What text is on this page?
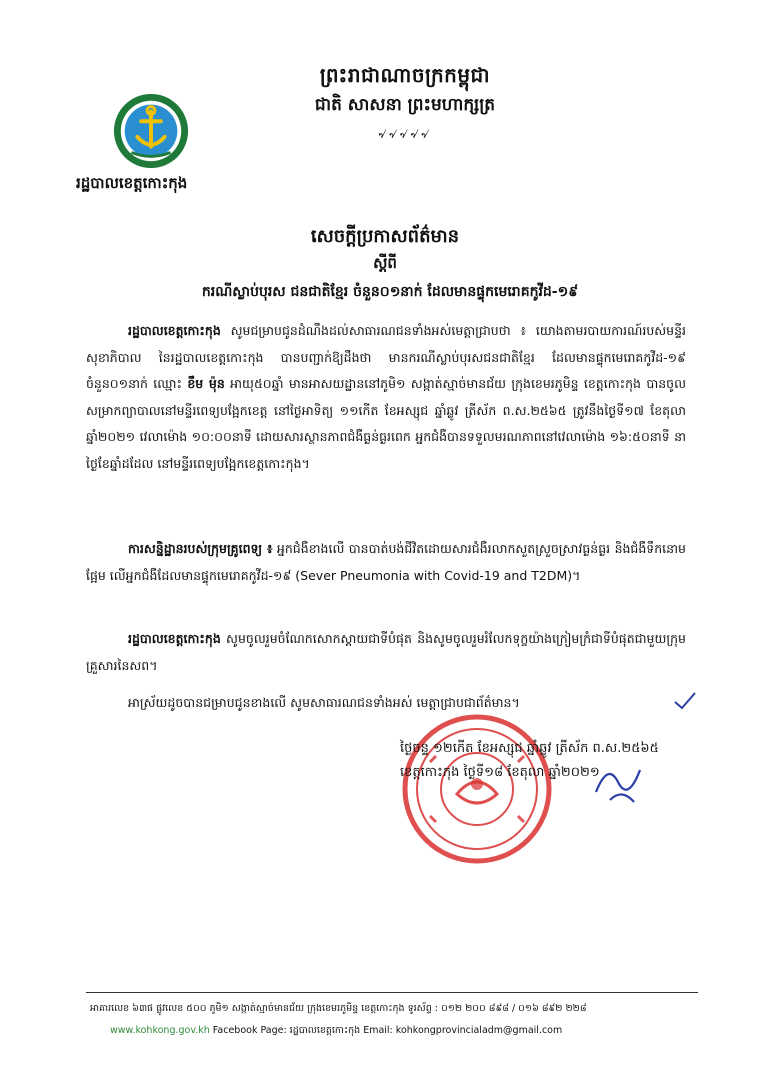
រដ្ឋបាលខេត្តកោះកុង
ព្រះរាជាណាចក្រកម្ពុជា
ជាតិ សាសនា ព្រះមហាក្សត្រ
৵৵৵৵৵
សេចក្តីប្រកាសព័ត៌មាន
ស្តីពី
ករណីស្លាប់បុរស ជនជាតិខ្មែរ ចំនួន០១នាក់ ដែលមានផ្ទុកមេរោគកូវីដ-១៩
រដ្ឋបាលខេត្តកោះកុង សូមជម្រាបជូនដំណឹងដល់សាធារណជនទាំងអស់មេត្តាជ្រាបថា ៖ យោងតាមរបាយការណ៍របស់មន្ទីរសុខាភិបាល នៃរដ្ឋបាលខេត្តកោះកុង បានបញ្ជាក់ឱ្យដឹងថា មានករណីស្លាប់បុរសជនជាតិខ្មែរ ដែលមានផ្ទុកមេរោគកូវីដ-១៩ ចំនួន០១នាក់ ឈ្មោះ ខឹម ម៉ុន អាយុ៥០ឆ្នាំ មានអាសយដ្ឋាននៅភូមិ១ សង្កាត់ស្មាច់មានជ័យ ក្រុងខេមរភូមិន្ទ ខេត្តកោះកុង បានចូលសម្រាកព្យាបាលនៅមន្ទីរពេទ្យបង្អែកខេត្ត នៅថ្ងៃអាទិត្យ ១១កើត ខែអស្សុជ ឆ្នាំឆ្លូវ ត្រីស័ក ព.ស.២៥៦៥ ត្រូវនឹងថ្ងៃទី១៧ ខែតុលា ឆ្នាំ២០២១ វេលាម៉ោង ១០:០០នាទី ដោយសារស្ថានភាពជំងឺធ្ងន់ធ្ងរពេក អ្នកជំងឺបានទទួលមរណភាពនៅវេលាម៉ោង ១៦:៥០នាទី នាថ្ងៃខែឆ្នាំដដែល នៅមន្ទីរពេទ្យបង្អែកខេត្តកោះកុង។
ការសន្និដ្ឋានរបស់ក្រុមគ្រូពេទ្យ ៖ អ្នកជំងឺខាងលើ បានបាត់បង់ជីវិតដោយសារជំងឺរលាកសួតស្រួចស្រាវធ្ងន់ធ្ងរ និងជំងឺទឹកនោមផ្អែម លើអ្នកជំងឺដែលមានផ្ទុកមេរោគកូវីដ-១៩ (Sever Pneumonia with Covid-19 and T2DM)។
រដ្ឋបាលខេត្តកោះកុង សូមចូលរួមចំណែកសោកស្តាយជាទីបំផុត និងសូមចូលរួមរំលែកទុក្ខយ៉ាងក្រៀមក្រំជាទីបំផុតជាមួយក្រុមគ្រួសារនៃសព។
អាស្រ័យដូចបានជម្រាបជូនខាងលើ សូមសាធារណជនទាំងអស់ មេត្តាជ្រាបជាព័ត៌មាន។
ថ្ងៃចន្ទ ១២កើត ខែអស្សុជ ឆ្នាំឆ្លូវ ត្រីស័ក ព.ស.២៥៦៥
ខេត្តកោះកុង ថ្ងៃទី១៨ ខែតុលា ឆ្នាំ២០២១
អាគារលេខ ៦៣ផ ផ្លូវលេខ ៥០០ ភូមិ១ សង្កាត់ស្មាច់មានជ័យ ក្រុងខេមរភូមិន្ទ ខេត្តកោះកុង ទូរស័ព្ទ : ០១២ ២០០ ៨៩៨ / ០១៦ ៨៩២ ២២៨
www.kohkong.gov.kh Facebook Page: រដ្ឋបាលខេត្តកោះកុង Email: kohkongprovincialadm@gmail.com
